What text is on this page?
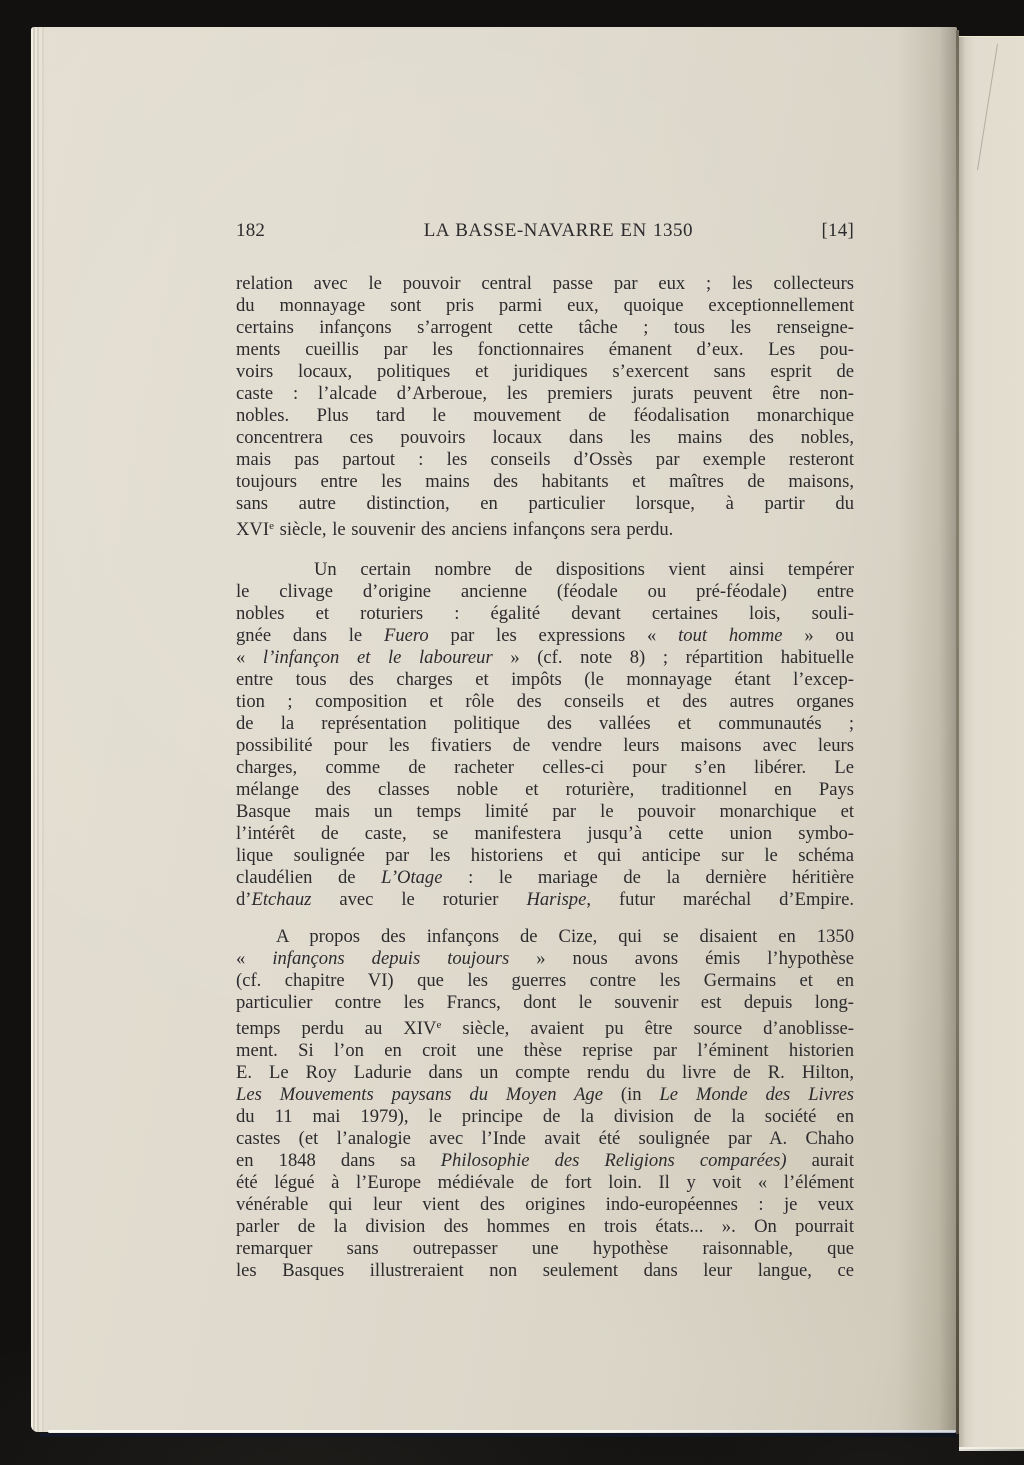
182	LA BASSE-NAVARRE EN 1350	[14]
relation avec le pouvoir central passe par eux ; les collecteurs
du monnayage sont pris parmi eux, quoique exceptionnellement
certains infançons s’arrogent cette tâche ; tous les renseigne-
ments cueillis par les fonctionnaires émanent d’eux. Les pou-
voirs locaux, politiques et juridiques s’exercent sans esprit de
caste : l’alcade d’Arberoue, les premiers jurats peuvent être non-
nobles. Plus tard le mouvement de féodalisation monarchique
concentrera ces pouvoirs locaux dans les mains des nobles,
mais pas partout : les conseils d’Ossès par exemple resteront
toujours entre les mains des habitants et maîtres de maisons,
sans autre distinction, en particulier lorsque, à partir du
XVIe siècle, le souvenir des anciens infançons sera perdu.
Un certain nombre de dispositions vient ainsi tempérer
le clivage d’origine ancienne (féodale ou pré-féodale) entre
nobles et roturiers : égalité devant certaines lois, souli-
gnée dans le Fuero par les expressions « tout homme » ou
« l’infançon et le laboureur » (cf. note 8) ; répartition habituelle
entre tous des charges et impôts (le monnayage étant l’excep-
tion ; composition et rôle des conseils et des autres organes
de la représentation politique des vallées et communautés ;
possibilité pour les fivatiers de vendre leurs maisons avec leurs
charges, comme de racheter celles-ci pour s’en libérer. Le
mélange des classes noble et roturière, traditionnel en Pays
Basque mais un temps limité par le pouvoir monarchique et
l’intérêt de caste, se manifestera jusqu’à cette union symbo-
lique soulignée par les historiens et qui anticipe sur le schéma
claudélien de L’Otage : le mariage de la dernière héritière
d’Etchauz avec le roturier Harispe, futur maréchal d’Empire.
A propos des infançons de Cize, qui se disaient en 1350
« infançons depuis toujours » nous avons émis l’hypothèse
(cf. chapitre VI) que les guerres contre les Germains et en
particulier contre les Francs, dont le souvenir est depuis long-
temps perdu au XIVe siècle, avaient pu être source d’anoblisse-
ment. Si l’on en croit une thèse reprise par l’éminent historien
E. Le Roy Ladurie dans un compte rendu du livre de R. Hilton,
Les Mouvements paysans du Moyen Age (in Le Monde des Livres
du 11 mai 1979), le principe de la division de la société en
castes (et l’analogie avec l’Inde avait été soulignée par A. Chaho
en 1848 dans sa Philosophie des Religions comparées) aurait
été légué à l’Europe médiévale de fort loin. Il y voit « l’élément
vénérable qui leur vient des origines indo-européennes : je veux
parler de la division des hommes en trois états... ». On pourrait
remarquer sans outrepasser une hypothèse raisonnable, que
les Basques illustreraient non seulement dans leur langue, ce
